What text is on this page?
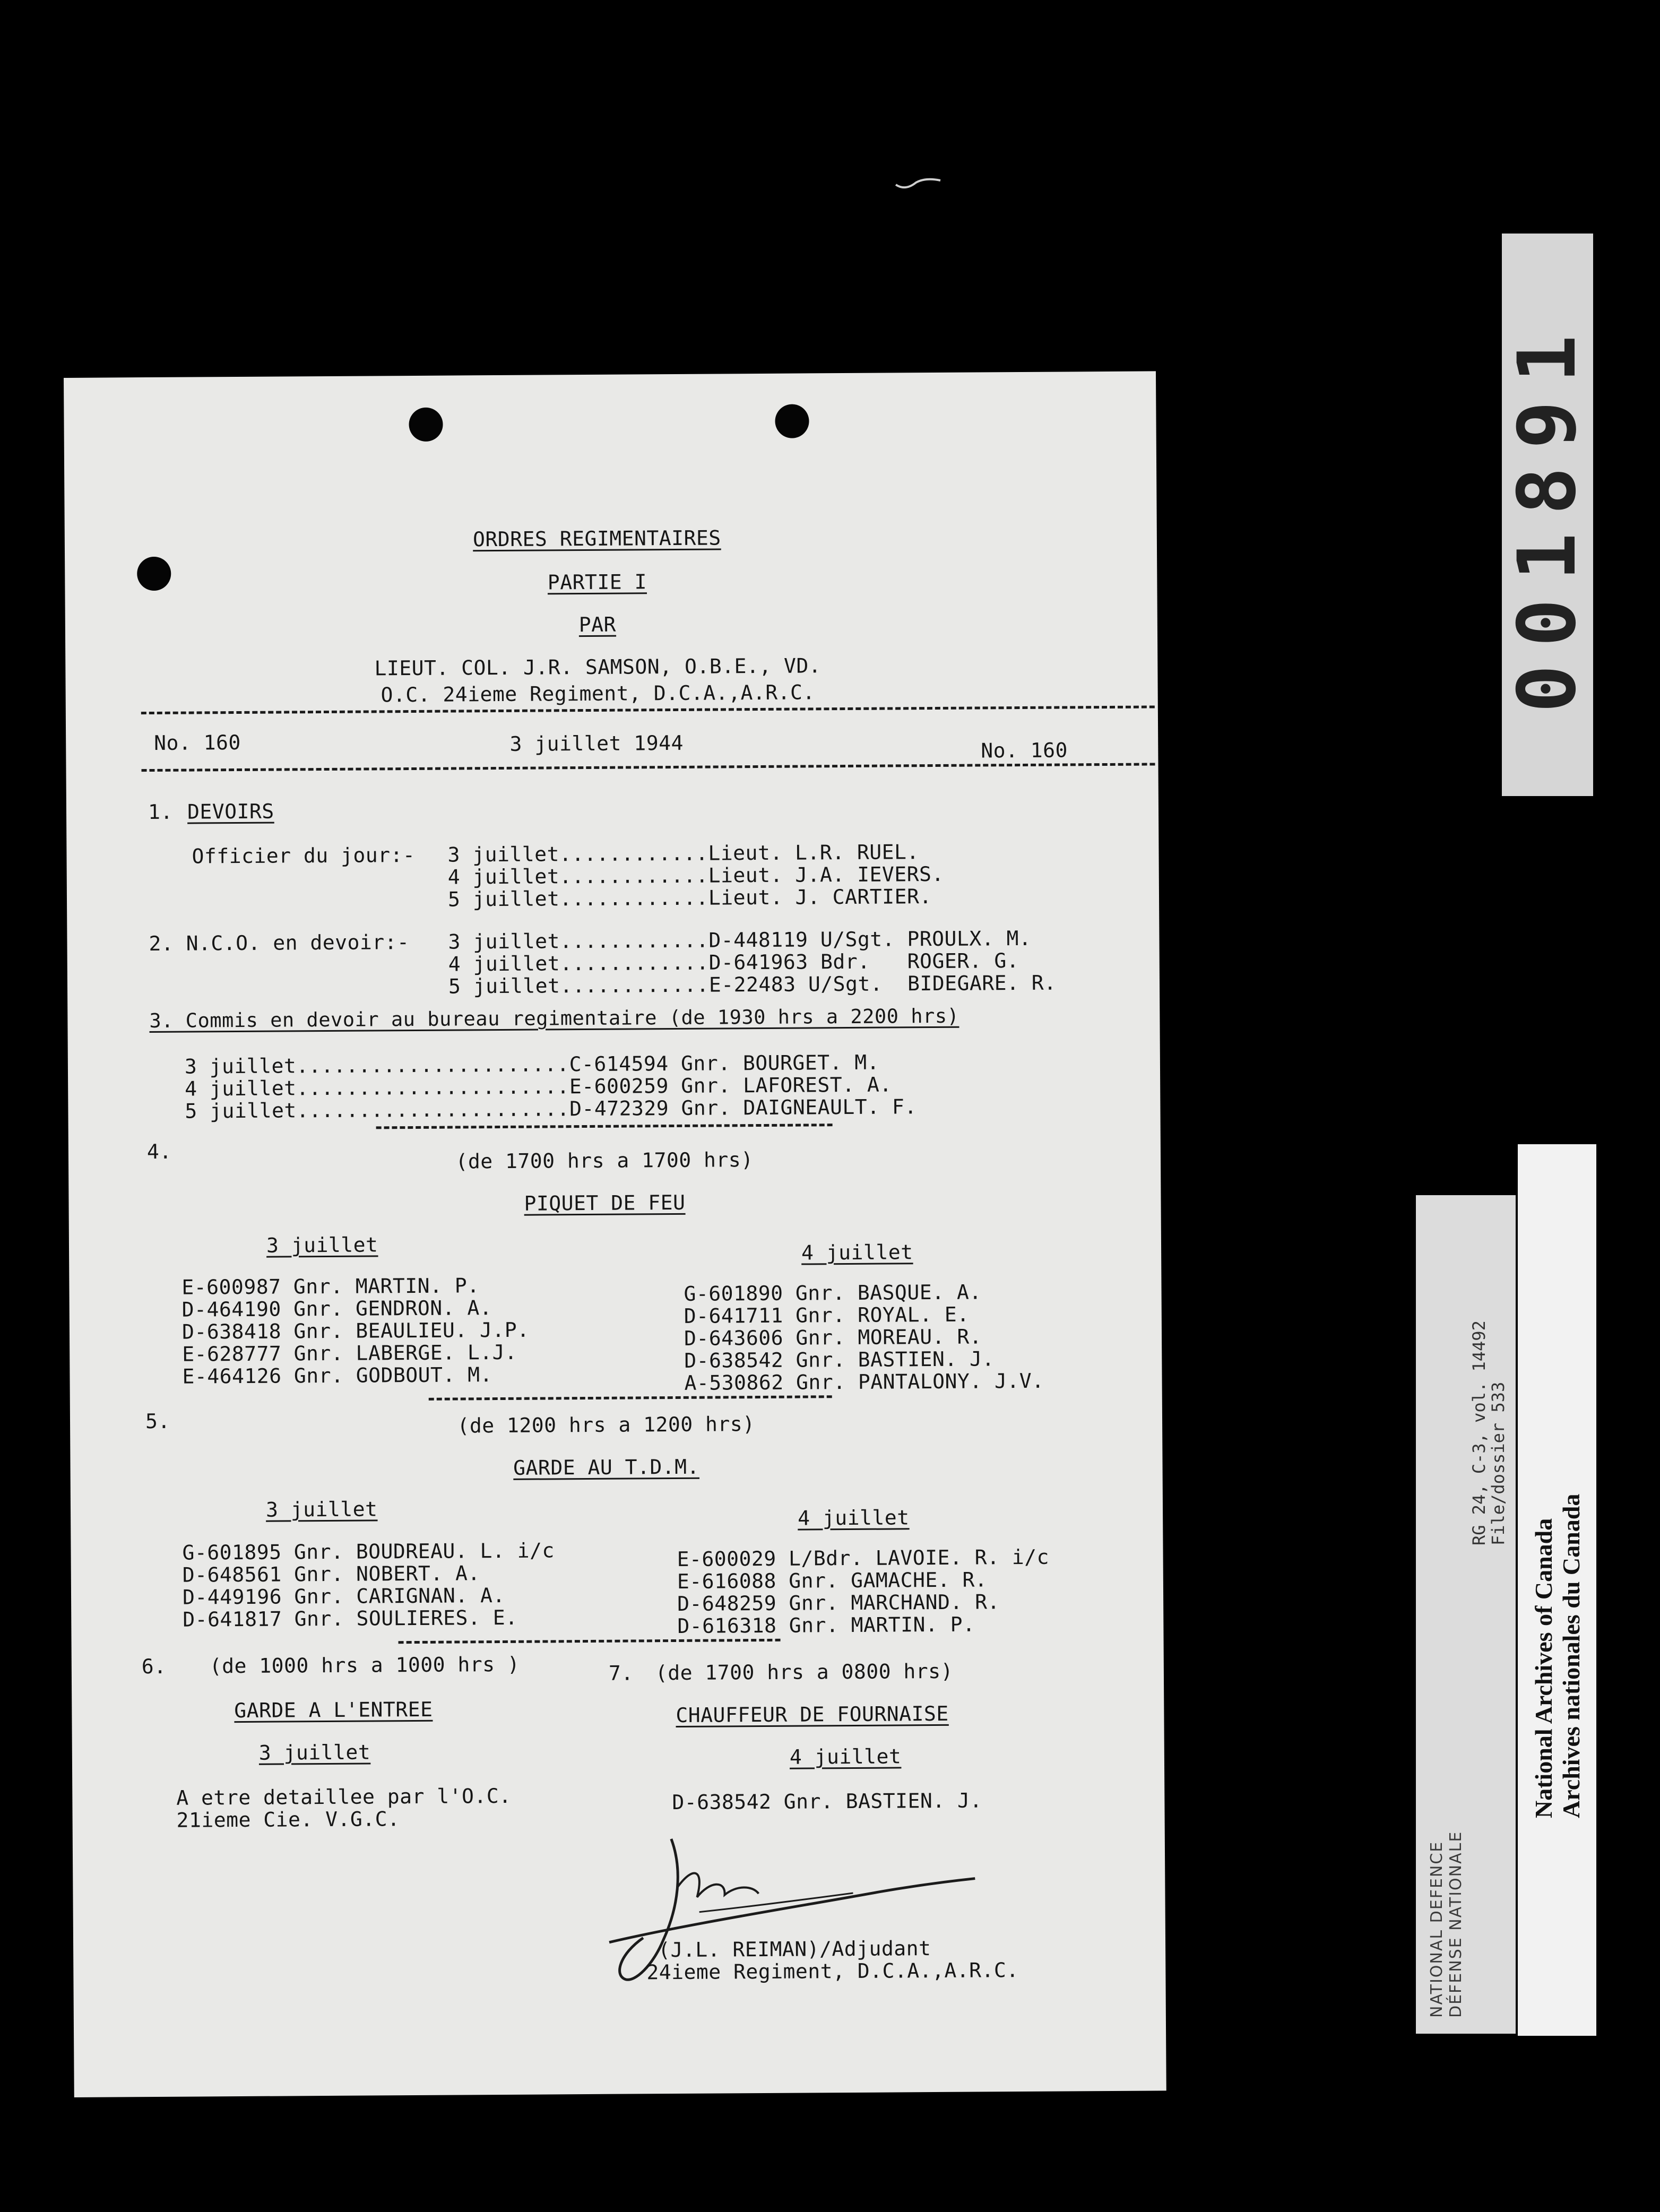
ORDRES REGIMENTAIRES
PARTIE I
PAR
LIEUT. COL. J.R. SAMSON, O.B.E., VD.
O.C. 24ieme Regiment, D.C.A.,A.R.C.
No. 160	3 juillet 1944	No. 160
1. DEVOIRS
Officier du jour:- 3 juillet............Lieut. L.R. RUEL.
4 juillet............Lieut. J.A. IEVERS.
5 juillet............Lieut. J. CARTIER.
2. N.C.O. en devoir:- 3 juillet............D-448119 U/Sgt. PROULX. M.
4 juillet............D-641963 Bdr.   ROGER. G.
5 juillet............E-22483 U/Sgt.  BIDEGARE. R.
3. Commis en devoir au bureau regimentaire (de 1930 hrs a 2200 hrs)
3 juillet......................C-614594 Gnr. BOURGET. M.
4 juillet......................E-600259 Gnr. LAFOREST. A.
5 juillet......................D-472329 Gnr. DAIGNEAULT. F.
4.	(de 1700 hrs a 1700 hrs)
PIQUET DE FEU
3 juillet	4 juillet
E-600987 Gnr. MARTIN. P.
D-464190 Gnr. GENDRON. A.
D-638418 Gnr. BEAULIEU. J.P.
E-628777 Gnr. LABERGE. L.J.
E-464126 Gnr. GODBOUT. M.
G-601890 Gnr. BASQUE. A.
D-641711 Gnr. ROYAL. E.
D-643606 Gnr. MOREAU. R.
D-638542 Gnr. BASTIEN. J.
A-530862 Gnr. PANTALONY. J.V.
5.	(de 1200 hrs a 1200 hrs)
GARDE AU T.D.M.
3 juillet	4 juillet
G-601895 Gnr. BOUDREAU. L. i/c
D-648561 Gnr. NOBERT. A.
D-449196 Gnr. CARIGNAN. A.
D-641817 Gnr. SOULIERES. E.
E-600029 L/Bdr. LAVOIE. R. i/c
E-616088 Gnr. GAMACHE. R.
D-648259 Gnr. MARCHAND. R.
D-616318 Gnr. MARTIN. P.
6. (de 1000 hrs a 1000 hrs )	7. (de 1700 hrs a 0800 hrs)
GARDE A L'ENTREE	CHAUFFEUR DE FOURNAISE
3 juillet	4 juillet
A etre detaillee par l'O.C.
21ieme Cie. V.G.C.
D-638542 Gnr. BASTIEN. J.
(J.L. REIMAN)/Adjudant
24ieme Regiment, D.C.A.,A.R.C.
001891
NATIONAL DEFENCE DÉFENSE NATIONALE
RG 24, C-3, vol. 14492
File/dossier 533
National Archives of Canada Archives nationales du Canada
